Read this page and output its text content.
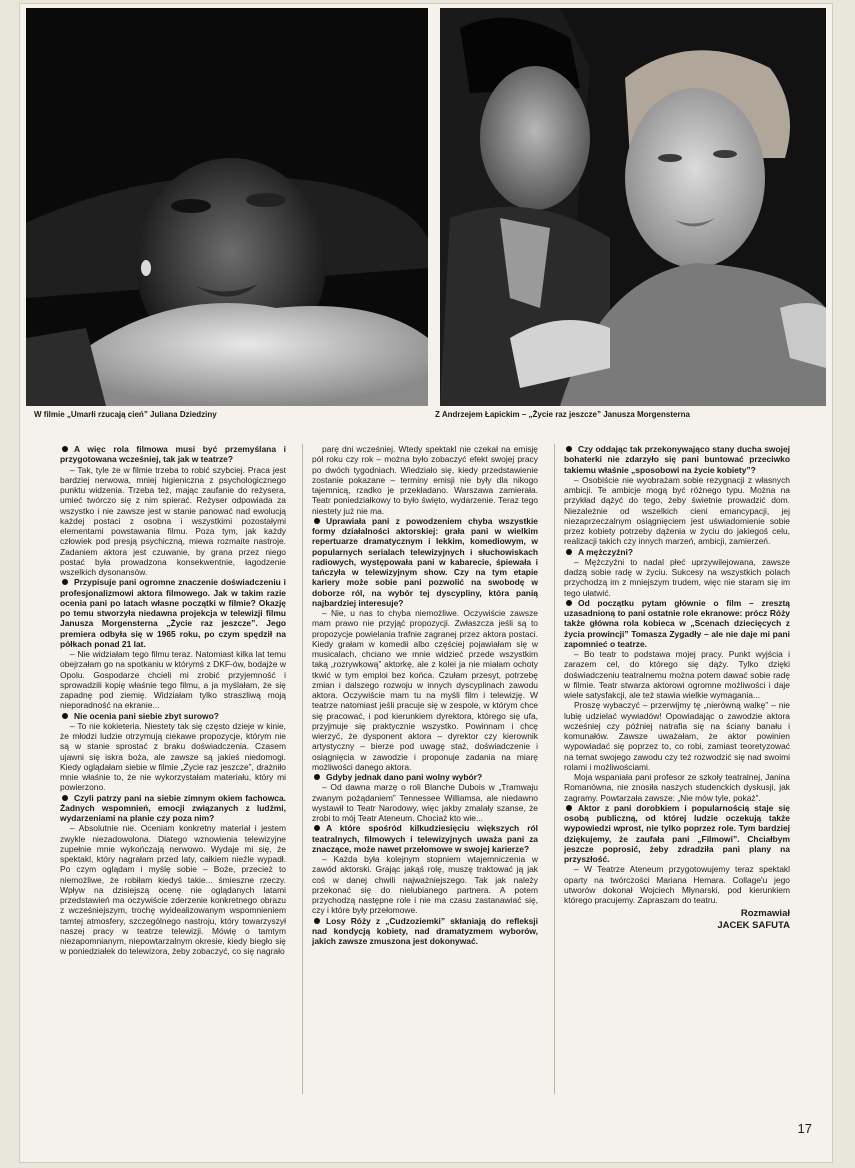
W filmie „Umarłi rzucają cień” Juliana Dziedziny	Z Andrzejem Łapickim – „Życie raz jeszcze” Janusza Morgensterna

A więc rola filmowa musi być przemyślana i przygotowana wcześniej, tak jak w teatrze?

– Tak, tyle że w filmie trzeba to robić szybciej. Praca jest bardziej nerwowa, mniej higieniczna z psychologicznego punktu widzenia. Trzeba też, mając zaufanie do reżysera, umieć twórczo się z nim spierać. Reżyser odpowiada za wszystko i nie zawsze jest w stanie panować nad ewolucją każdej postaci z osobna i wszystkimi pozostałymi elementami powstawania filmu. Poza tym, jak każdy człowiek pod presją psychiczną, miewa rozmaite nastroje. Zadaniem aktora jest czuwanie, by grana przez niego postać była prowadzona konsekwentnie, łagodzenie wszelkich dysonansów.

Przypisuje pani ogromne znaczenie doświadczeniu i profesjonalizmowi aktora filmowego. Jak w takim razie ocenia pani po latach własne początki w filmie? Okazję po temu stworzyła niedawna projekcja w telewizji filmu Janusza Morgensterna „Życie raz jeszcze”. Jego premiera odbyła się w 1965 roku, po czym spędził na półkach ponad 21 lat.

– Nie widziałam tego filmu teraz. Natomiast kilka lat temu obejrzałam go na spotkaniu w którymś z DKF-ów, bodajże w Opolu. Gospodarze chcieli mi zrobić przyjemność i sprowadzili kopię właśnie tego filmu, a ja myślałam, że się zapadnę pod ziemię. Widziałam tylko straszliwą moją nieporadność na ekranie...

Nie ocenia pani siebie zbyt surowo?

– To nie kokieteria. Niestety tak się często dzieje w kinie, że młodzi ludzie otrzymują ciekawe propozycje, którym nie są w stanie sprostać z braku doświadczenia. Czasem ujawni się iskra boża, ale zawsze są jakieś niedomogi. Kiedy oglądałam siebie w filmie „Życie raz jeszcze”, drażniło mnie właśnie to, że nie wykorzystałam materiału, który mi powierzono.

Czyli patrzy pani na siebie zimnym okiem fachowca. Żadnych wspomnień, emocji związanych z ludźmi, wydarzeniami na planie czy poza nim?

– Absolutnie nie. Oceniam konkretny materiał i jestem zwykle niezadowolona. Dlatego wznowienia telewizyjne zupełnie mnie wykończają nerwowo. Wydaje mi się, że spektakl, który nagrałam przed laty, całkiem nieźle wypadł. Po czym oglądam i myślę sobie – Boże, przecież to niemożliwe, że robiłam kiedyś takie... śmieszne rzeczy. Wpływ na dzisiejszą ocenę nie oglądanych latami przedstawień ma oczywiście zderzenie konkretnego obrazu z wcześniejszym, trochę wyidealizowanym wspomnieniem tamtej atmosfery, szczególnego nastroju, który towarzyszył naszej pracy w teatrze telewizji. Mówię o tamtym niezapomnianym, niepowtarzalnym okresie, kiedy biegło się w poniedziałek do telewizora, żeby zobaczyć, co się nagrało

parę dni wcześniej. Wtedy spektakl nie czekał na emisję pół roku czy rok – można było zobaczyć efekt swojej pracy po dwóch tygodniach. Wiedziało się, kiedy przedstawienie zostanie pokazane – terminy emisji nie były dla nikogo tajemnicą, rzadko je przekładano. Warszawa zamierała. Teatr poniedziałkowy to było święto, wydarzenie. Teraz tego niestety już nie ma.

Uprawiała pani z powodzeniem chyba wszystkie formy działalności aktorskiej: grała pani w wielkim repertuarze dramatycznym i lekkim, komediowym, w popularnych serialach telewizyjnych i słuchowiskach radiowych, występowała pani w kabarecie, śpiewała i tańczyła w telewizyjnym show. Czy na tym etapie kariery może sobie pani pozwolić na swobodę w doborze ról, na wybór tej dyscypliny, która panią najbardziej interesuje?

– Nie, u nas to chyba niemożliwe. Oczywiście zawsze mam prawo nie przyjąć propozycji. Zwłaszcza jeśli są to propozycje powielania trafnie zagranej przez aktora postaci. Kiedy grałam w komedii albo częściej pojawiałam się w musicalach, chciano we mnie widzieć przede wszystkim taką „rozrywkową” aktorkę, ale z kolei ja nie miałam ochoty tkwić w tym emploi bez końca. Czułam przesyt, potrzebę zmian i dalszego rozwoju w innych dyscyplinach zawodu aktora. Oczywiście mam tu na myśli film i telewizję. W teatrze natomiast jeśli pracuje się w zespole, w którym chce się pracować, i pod kierunkiem dyrektora, którego się ufa, przyjmuje się praktycznie wszystko. Powinnam i chcę wierzyć, że dysponent aktora – dyrektor czy kierownik artystyczny – bierze pod uwagę staż, doświadczenie i osiągnięcia w zawodzie i proponuje zadania na miarę możliwości danego aktora.

Gdyby jednak dano pani wolny wybór?

– Od dawna marzę o roli Blanche Dubois w „Tramwaju zwanym pożądaniem” Tennessee Williamsa, ale niedawno wystawił to Teatr Narodowy, więc jakby zmalały szanse, że zrobi to mój Teatr Ateneum. Chociaż kto wie...

A które spośród kilkudziesięciu większych ról teatralnych, filmowych i telewizyjnych uważa pani za znaczące, może nawet przełomowe w swojej karierze?

– Każda była kolejnym stopniem wtajemniczenia w zawód aktorski. Grając jakąś rolę, muszę traktować ją jak coś w danej chwili najważniejszego. Tak jak należy przekonać się do nielubianego partnera. A potem przychodzą następne role i nie ma czasu zastanawiać się, czy i które były przełomowe.

Losy Róży z „Cudzoziemki” skłaniają do refleksji nad kondycją kobiety, nad dramatyzmem wyborów, jakich zawsze zmuszona jest dokonywać.

Czy oddając tak przekonywająco stany ducha swojej bohaterki nie zdarzyło się pani buntować przeciwko takiemu właśnie „sposobowi na życie kobiety”?

– Osobiście nie wyobrażam sobie rezygnacji z własnych ambicji. Te ambicje mogą być różnego typu. Można na przykład dążyć do tego, żeby świetnie prowadzić dom. Niezależnie od wszelkich cieni emancypacji, jej niezaprzeczalnym osiągnięciem jest uświadomienie sobie przez kobiety potrzeby dążenia w życiu do jakiegoś celu, realizacji takich czy innych marzeń, ambicji, zamierzeń.

A mężczyźni?

– Mężczyźni to nadal płeć uprzywilejowana, zawsze dadzą sobie radę w życiu. Sukcesy na wszystkich polach przychodzą im z mniejszym trudem, więc nie staram się im tego ułatwić.

Od początku pytam głównie o film – zresztą uzasadnioną to pani ostatnie role ekranowe: prócz Róży także główna rola kobieca w „Scenach dziecięcych z życia prowincji” Tomasza Zygadły – ale nie daje mi pani zapomnieć o teatrze.

– Bo teatr to podstawa mojej pracy. Punkt wyjścia i zarazem cel, do którego się dąży. Tylko dzięki doświadczeniu teatralnemu można potem dawać sobie radę w filmie. Teatr stwarza aktorowi ogromne możliwości i daje wiele satysfakcji, ale też stawia wielkie wymagania...

Proszę wybaczyć – przerwijmy tę „nierówną walkę” – nie lubię udzielać wywiadów! Opowiadając o zawodzie aktora wcześniej czy później natrafia się na ściany banału i komunałów. Zawsze uważałam, że aktor powinien wypowiadać się poprzez to, co robi, zamiast teoretyzować na temat swojego zawodu czy też rozwodzić się nad swoimi rolami i możliwościami.

Moja wspaniała pani profesor ze szkoły teatralnej, Janina Romanówna, nie znosiła naszych studenckich dyskusji, jak zagramy. Powtarzała zawsze: „Nie mów tyle, pokaż”.

Aktor z pani dorobkiem i popularnością staje się osobą publiczną, od której ludzie oczekują także wypowiedzi wprost, nie tylko poprzez role. Tym bardziej dziękujemy, że zaufała pani „Filmowi”. Chciałbym jeszcze poprosić, żeby zdradziła pani plany na przyszłość.

– W Teatrze Ateneum przygotowujemy teraz spektakl oparty na twórczości Mariana Hemara. Collage'u jego utworów dokonał Wojciech Młynarski, pod kierunkiem którego pracujemy. Zapraszam do teatru.

Rozmawiał
JACEK SAFUTA
17
